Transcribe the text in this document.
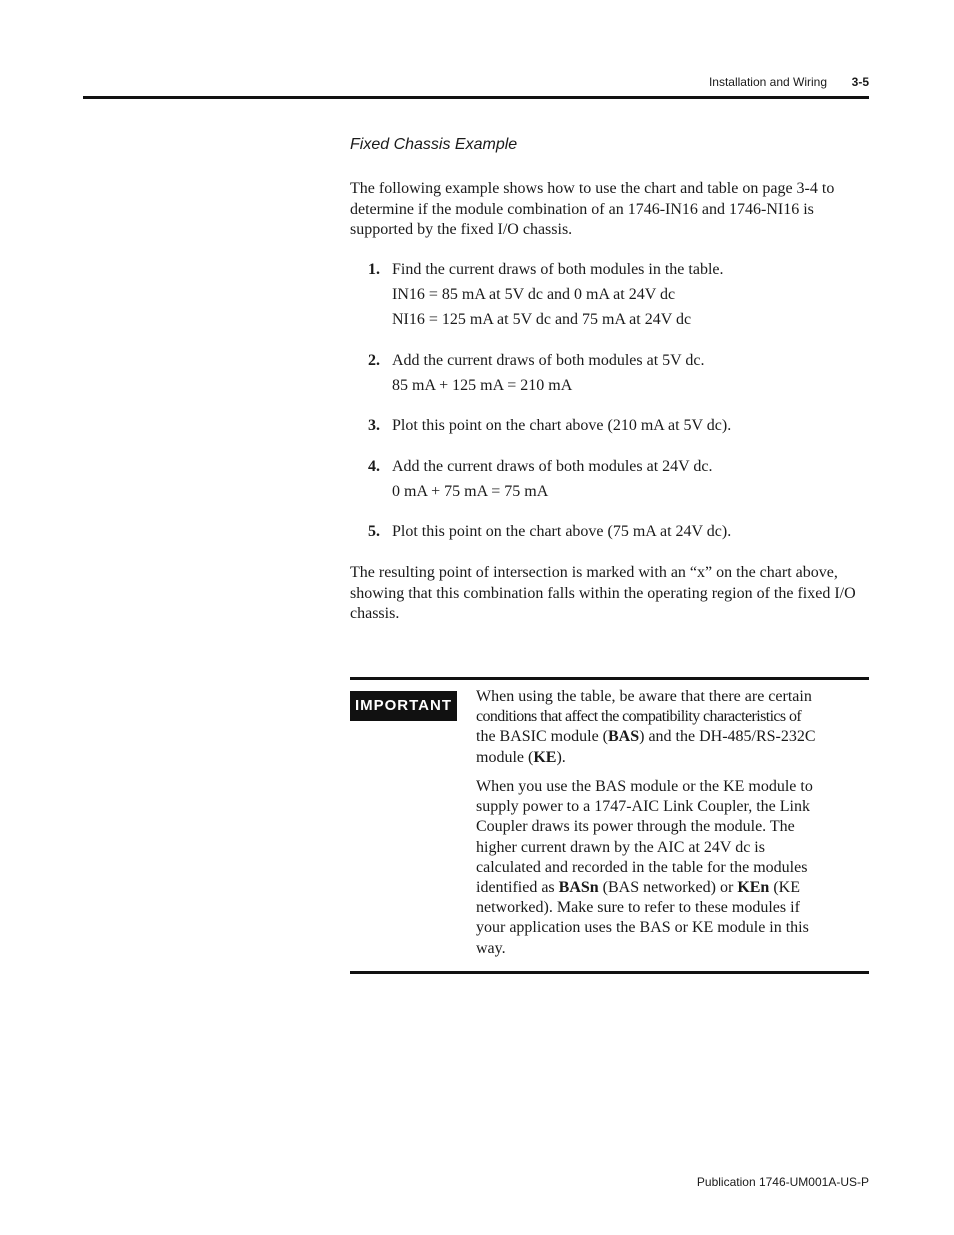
Installation and Wiring 3-5
Fixed Chassis Example
The following example shows how to use the chart and table on page 3-4 to determine if the module combination of an 1746-IN16 and 1746-NI16 is supported by the fixed I/O chassis.
1. Find the current draws of both modules in the table.
IN16 = 85 mA at 5V dc and 0 mA at 24V dc
NI16 = 125 mA at 5V dc and 75 mA at 24V dc
2. Add the current draws of both modules at 5V dc.
85 mA + 125 mA = 210 mA
3. Plot this point on the chart above (210 mA at 5V dc).
4. Add the current draws of both modules at 24V dc.
0 mA + 75 mA = 75 mA
5. Plot this point on the chart above (75 mA at 24V dc).
The resulting point of intersection is marked with an “x” on the chart above, showing that this combination falls within the operating region of the fixed I/O chassis.
IMPORTANT
When using the table, be aware that there are certain
conditions that affect the compatibility characteristics of
the BASIC module (BAS) and the DH-485/RS-232C
module (KE).
When you use the BAS module or the KE module to
supply power to a 1747-AIC Link Coupler, the Link
Coupler draws its power through the module. The
higher current drawn by the AIC at 24V dc is
calculated and recorded in the table for the modules
identified as BASn (BAS networked) or KEn (KE
networked). Make sure to refer to these modules if
your application uses the BAS or KE module in this
way.
Publication 1746-UM001A-US-P
